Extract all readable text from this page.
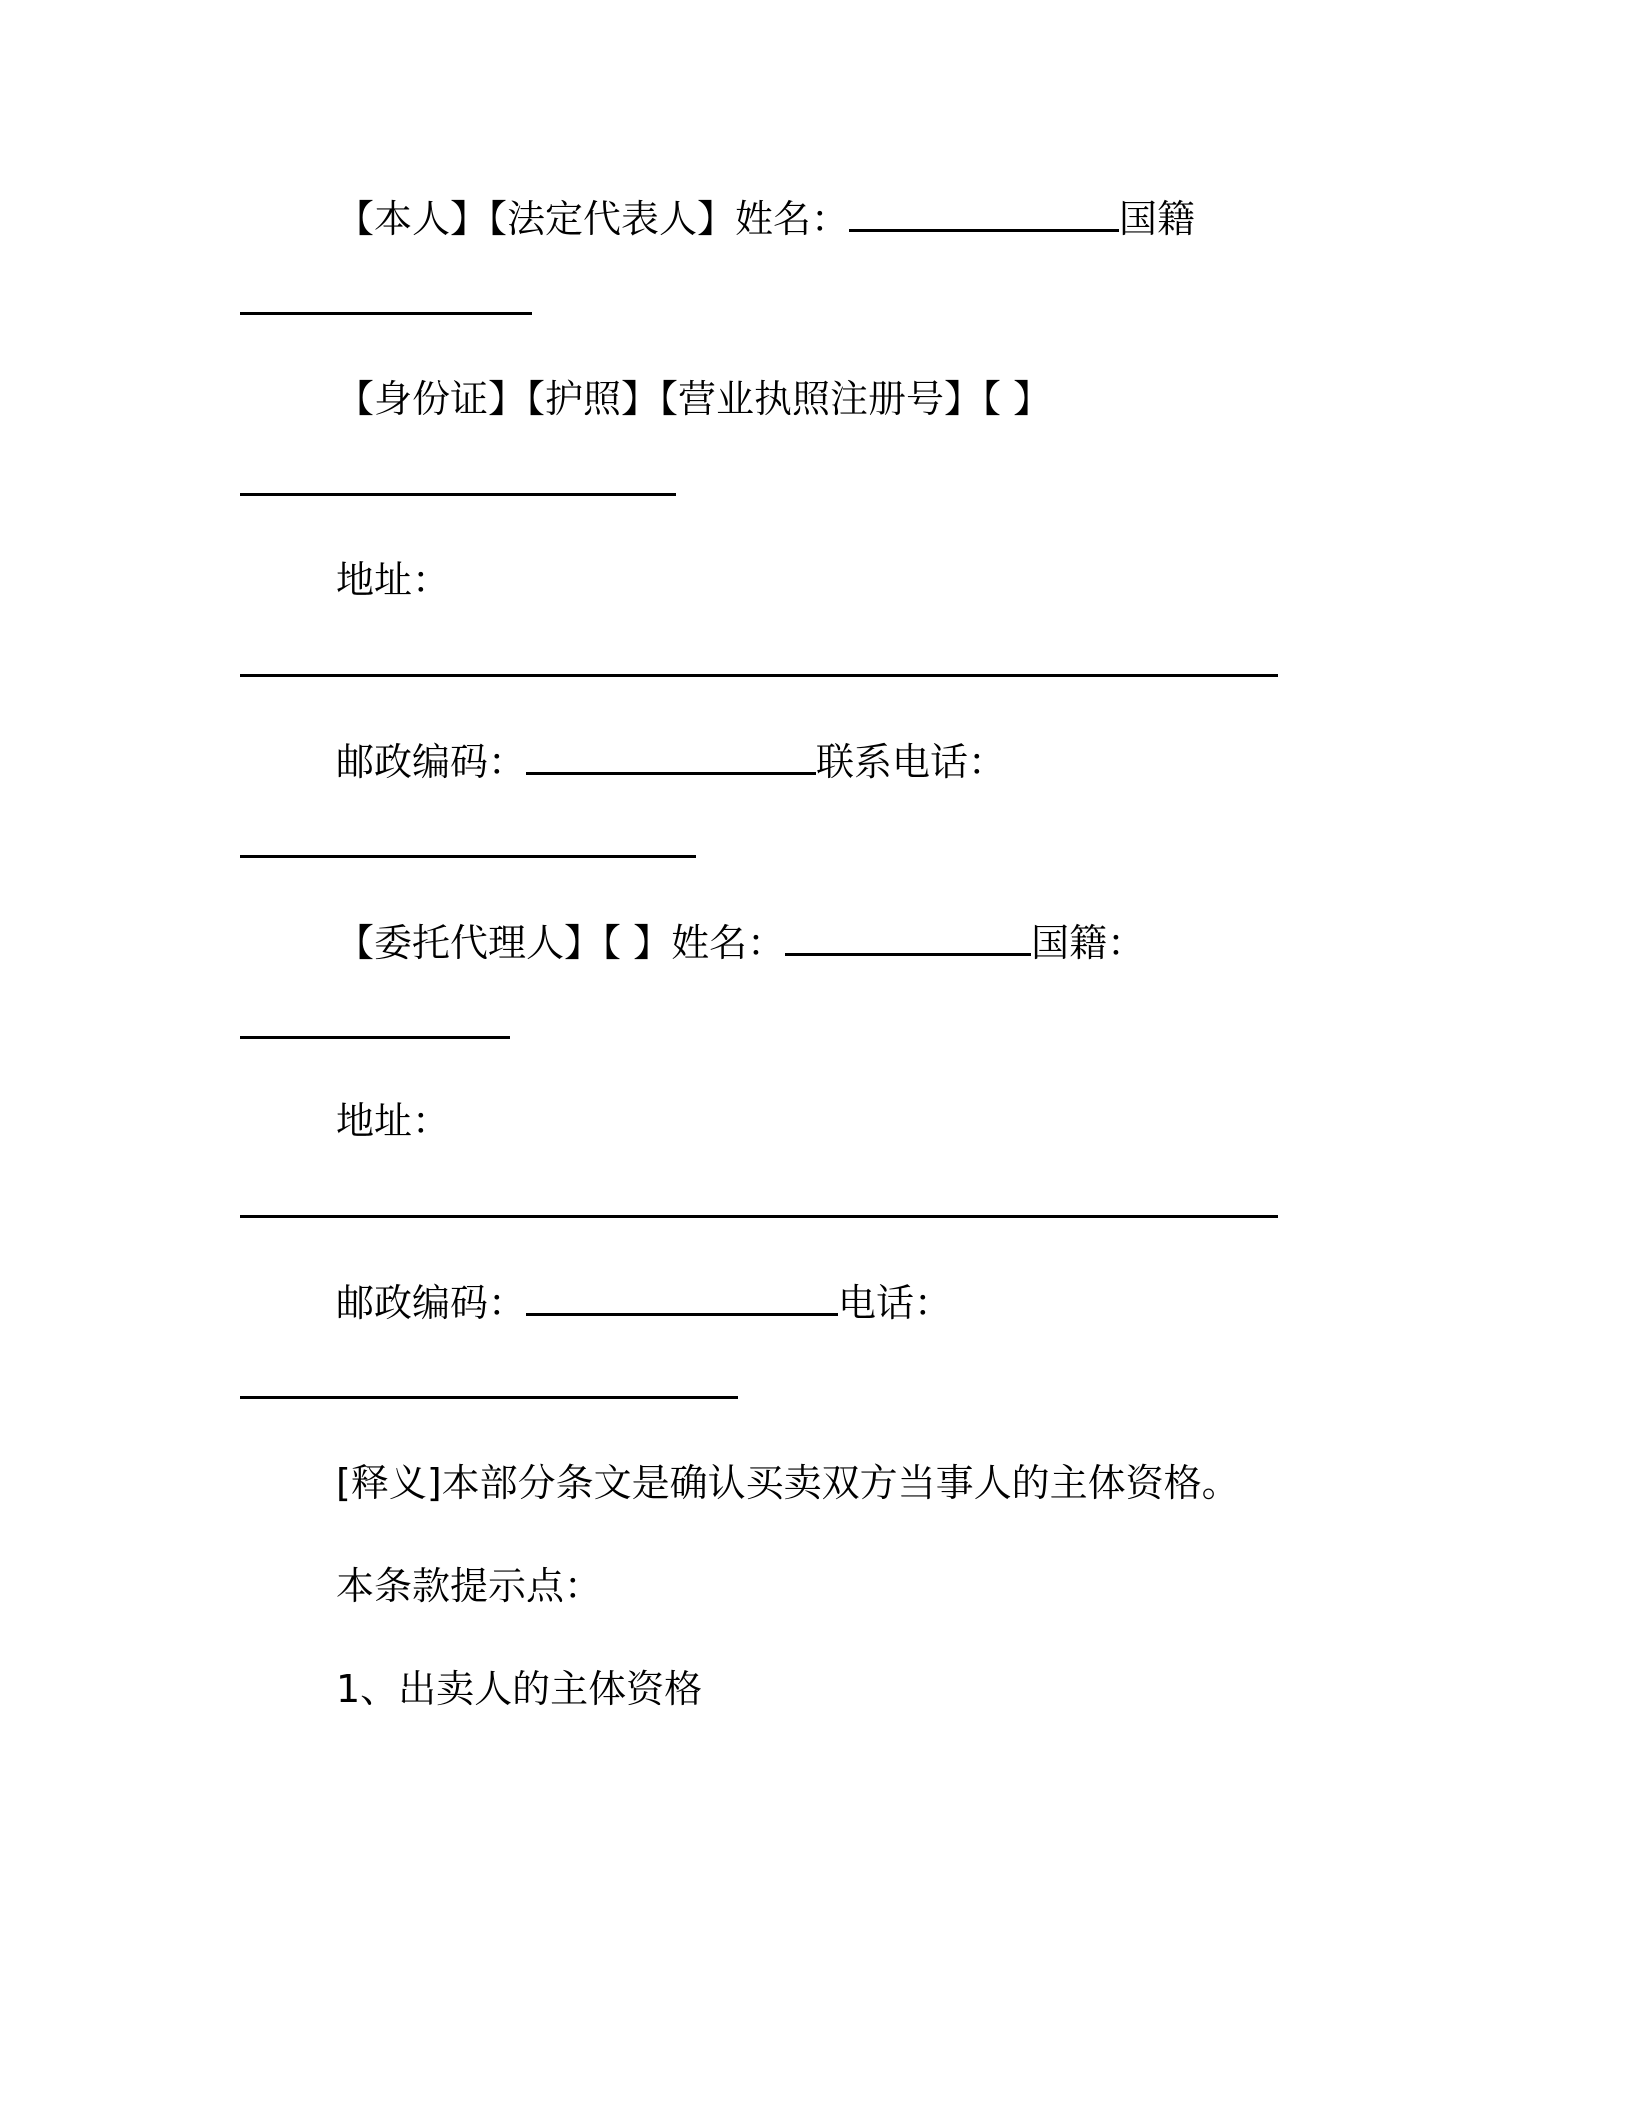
【本人】【法定代表人】姓名：	国籍
【身份证】【护照】【营业执照注册号】【 】
地址：
邮政编码：	联系电话：
【委托代理人】【 】姓名：	国籍：
地址：
邮政编码：	电话：
[释义]本部分条文是确认买卖双方当事人的主体资格。
本条款提示点：
1、出卖人的主体资格
